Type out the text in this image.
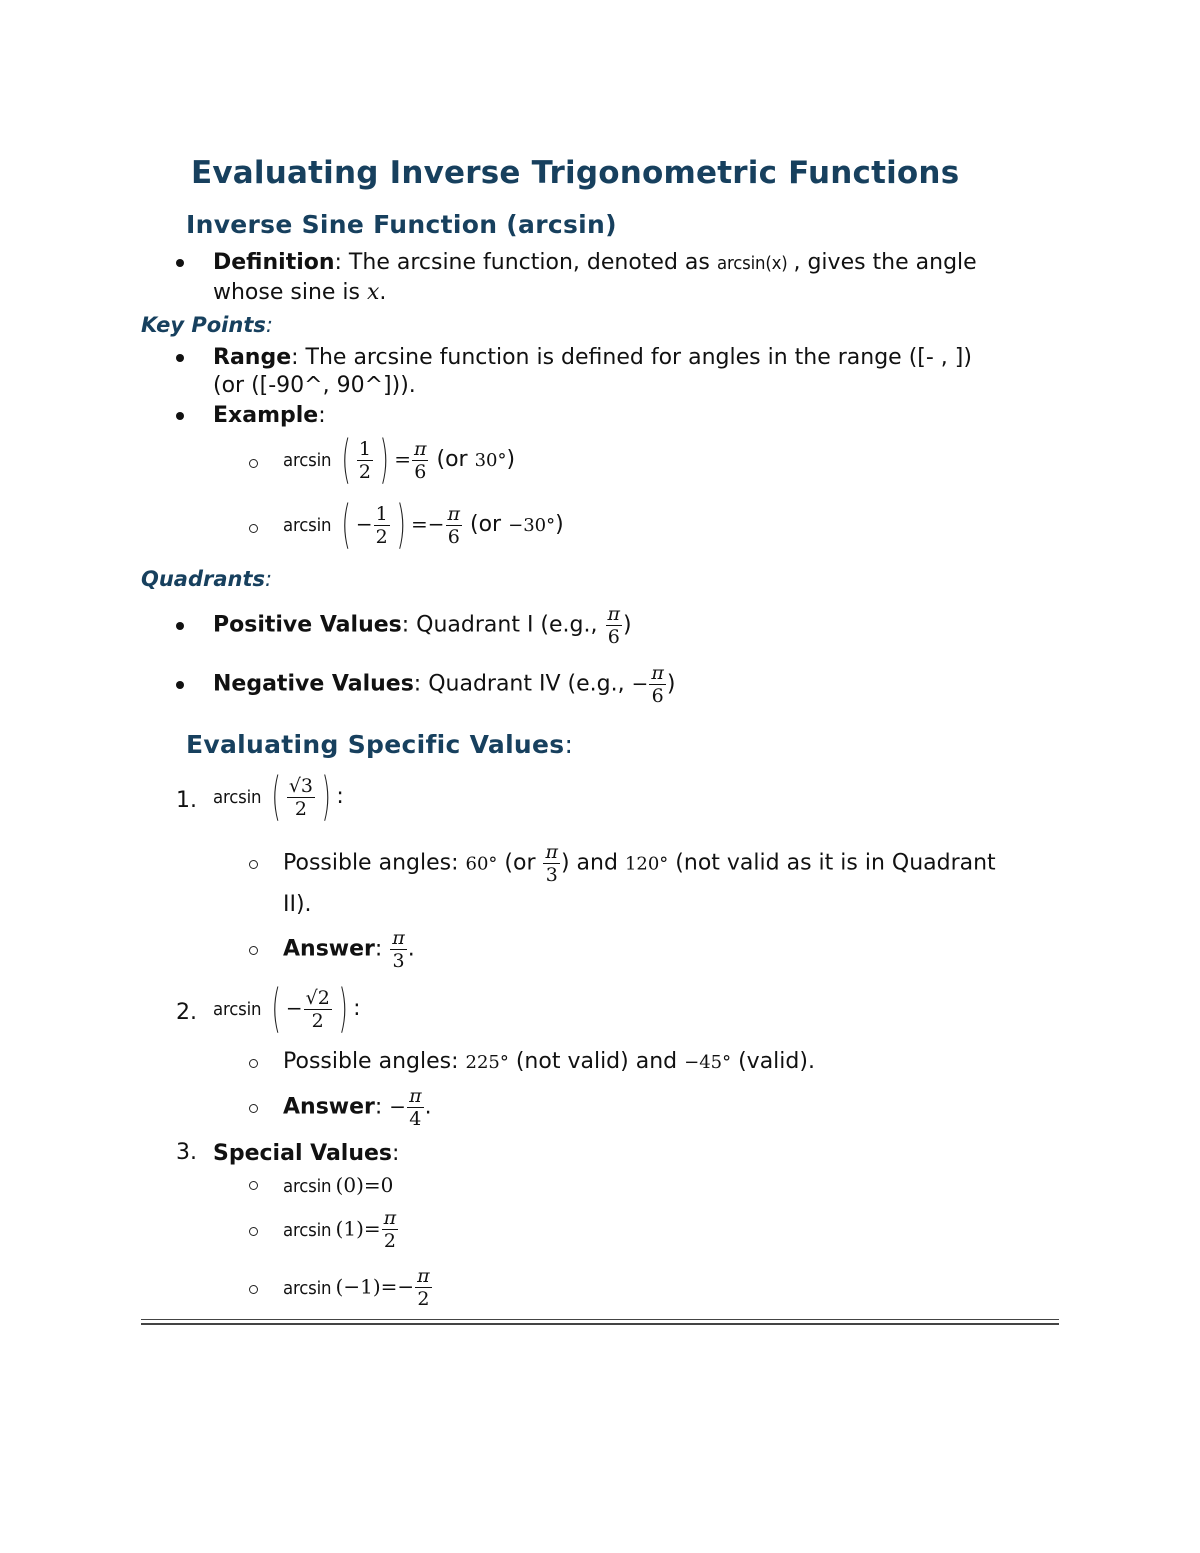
Evaluating Inverse Trigonometric Functions
Inverse Sine Function (arcsin)
Definition: The arcsine function, denoted as arcsin(x) , gives the angle
whose sine is x.
Key Points:
Range: The arcsine function is defined for angles in the range ([- , ])
(or ([-90^, 90^])).
Example:
arcsin ( $\frac{1}{2}$ ) = $\frac{\pi}{6} (or$ 30°)
arcsin ( − $\frac{1}{2}$ ) =− $\frac{\pi}{6} (or -30^\circ)$
Quadrants:
Positive Values: Quadrant I (e.g., $\frac{\pi}{6}$ )
Negative Values: Quadrant IV (e.g., − $\frac{\pi}{6}$ )
Evaluating Specific Values:
1. arcsin ( $\frac{√3}{2}$ ) :
Possible angles: 60° ($or \frac{\pi}{3}$ ) and 120° (not valid as it is in Quadrant
II).
Answer: $\frac{\pi}{3}$ .
2. arcsin ( − $\frac{√2}{2}$ ) :
Possible angles: 225° (not valid) and −45° (valid).
Answer: − $\frac{\pi}{4}$ .
3. Special Values:
arcsin (0)=0
$\arcsin (1)= \frac{\pi}{2}$
$\arcsin (-1)=- \frac{\pi}{2}$
